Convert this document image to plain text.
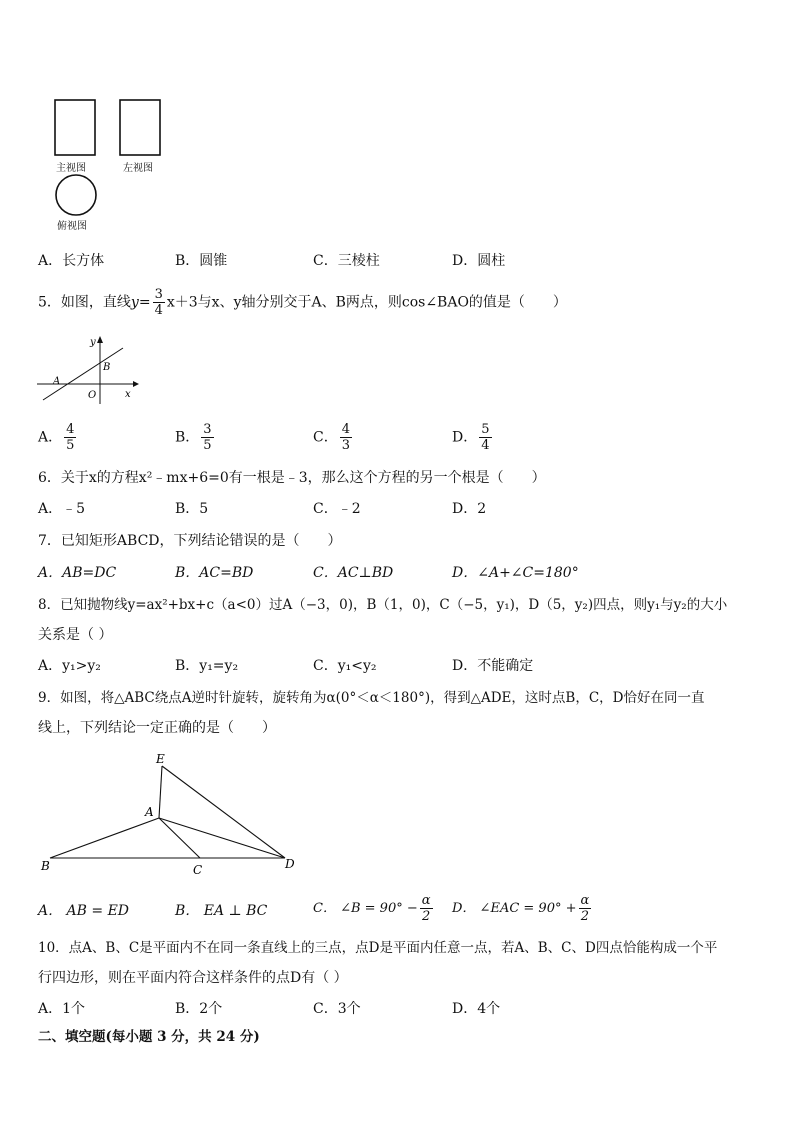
主视图	左视图
俯视图
A．长方体	B．圆锥	C．三棱柱	D．圆柱
5．如图，直线$y= \frac{3}{4} x+3$与x、y轴分别交于A、B两点，则cos∠BAO的值是（　　）
y
x
A
B
O
A． $\frac{4}{5}$	B． $\frac{3}{5}$	C． $\frac{4}{3}$	D． $\frac{5}{4}$
6．关于x的方程x²﹣mx+6=0有一根是﹣3，那么这个方程的另一个根是（　　）
A．﹣5	B．5	C．﹣2	D．2
7．已知矩形ABCD，下列结论错误的是（　　）
A．AB=DC	B．AC=BD	C．AC⊥BD	D．∠A+∠C=180°
8．已知抛物线y=ax²+bx+c（a<0）过A（−3，0)，B（1，0)，C（−5，y₁)，D（5，y₂)四点，则y₁与y₂的大小
关系是（ ）
A．y₁>y₂	B．y₁=y₂	C．y₁<y₂	D．不能确定
9．如图，将△ABC绕点A逆时针旋转，旋转角为α(0°＜α＜180°)，得到△ADE，这时点B，C，D恰好在同一直
线上，下列结论一定正确的是（　　）
E
A
B	C	D
A． AB = ED	B． EA ⊥ BC	C． ∠B = $90^\circ - \frac{\alpha}{2}$ D． ∠EAC = $90^\circ + \frac{\alpha}{2}$
10．点A、B、C是平面内不在同一条直线上的三点，点D是平面内任意一点，若A、B、C、D四点恰能构成一个平
行四边形，则在平面内符合这样条件的点D有（ ）
A．1个	B．2个	C．3个	D．4个
二、填空题(每小题 3 分，共 24 分)
